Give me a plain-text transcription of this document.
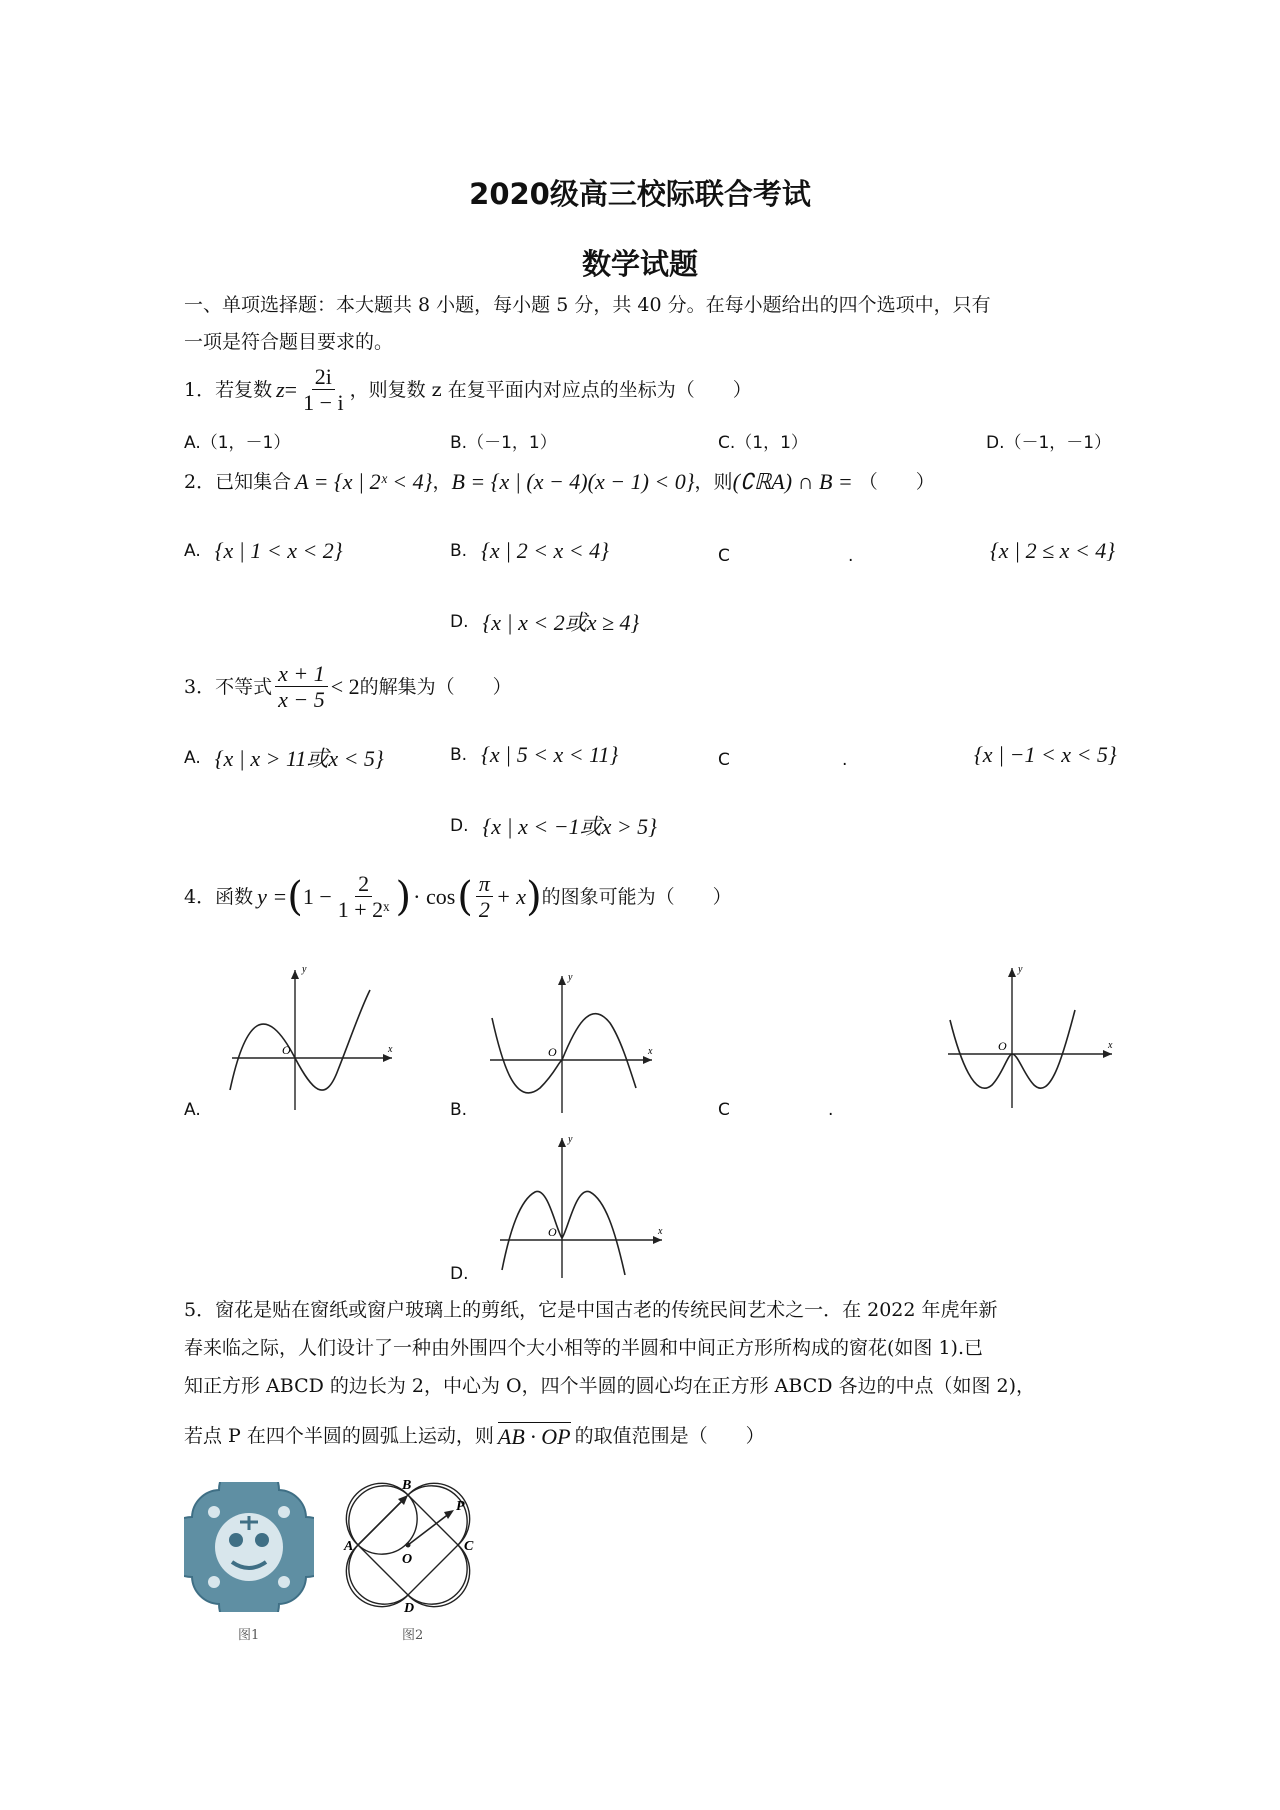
2020级高三校际联合考试
数学试题
一、单项选择题：本大题共 8 小题，每小题 5 分，共 40 分。在每小题给出的四个选项中，只有
一项是符合题目要求的。
1．若复数 $z = \frac{2i}{1 - i}$ ，则复数 z 在复平面内对应点的坐标为（　　）
A.（1，－1）	B.（－1，1）	C.（1，1）	D.（－1，－1）
2．已知集合 A = {x | 2ˣ < 4} ， B = {x | (x − 4)(x − 1) < 0} ，则 (∁ℝA) ∩ B = （　　）
A. {x | 1 < x < 2}	B. {x | 2 < x < 4}	C	.	{x | 2 ≤ x < 4}
D. {x | x < 2或x ≥ 4}
3．不等式 $\frac{x + 1}{x - 5} < 2$ 的解集为（　　）
A. {x | x > 11或x < 5}	B. {x | 5 < x < 11}	C	.	{x | −1 < x < 5}
D. {x | x < −1或x > 5}
4．函数 y = ( $1 - \frac{2}{\text{1 + 2ˣ}}$ ) · cos ( $\frac{\pi}{2} + x$ ) 的图象可能为（　　）
y
O	x
A.
y
O	x
B.
y
O	x
C	.
y
O	x
D.
5．窗花是贴在窗纸或窗户玻璃上的剪纸，它是中国古老的传统民间艺术之一．在 2022 年虎年新
春来临之际，人们设计了一种由外围四个大小相等的半圆和中间正方形所构成的窗花(如图 1).已
知正方形 ABCD 的边长为 2，中心为 O，四个半圆的圆心均在正方形 ABCD 各边的中点（如图 2)，
若点 P 在四个半圆的圆弧上运动，则 AB · OP 的取值范围是（　　）
图1
A
B
C
D
O
P
图2
